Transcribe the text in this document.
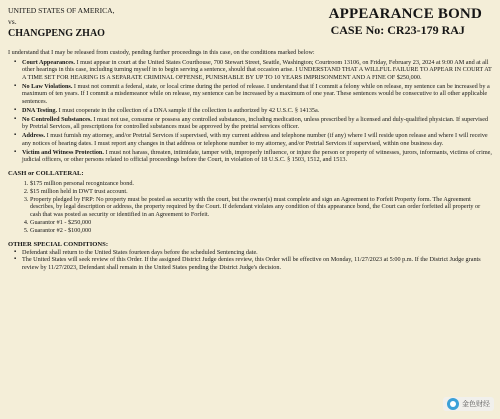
UNITED STATES OF AMERICA,
vs.
CHANGPENG ZHAO
APPEARANCE BOND
CASE No: CR23-179 RAJ
I understand that I may be released from custody, pending further proceedings in this case, on the conditions marked below:
▪ Court Appearances. I must appear in court at the United States Courthouse, 700 Stewart Street, Seattle, Washington; Courtroom 13106, on Friday, February 23, 2024 at 9:00 AM and at all other hearings in this case, including turning myself in to begin serving a sentence, should that occasion arise. I UNDERSTAND THAT A WILLFUL FAILURE TO APPEAR IN COURT AT A TIME SET FOR HEARING IS A SEPARATE CRIMINAL OFFENSE, PUNISHABLE BY UP TO 10 YEARS IMPRISONMENT AND A FINE OF $250,000.
▪ No Law Violations. I must not commit a federal, state, or local crime during the period of release. I understand that if I commit a felony while on release, my sentence can be increased by a maximum of ten years. If I commit a misdemeanor while on release, my sentence can be increased by a maximum of one year. These sentences would be consecutive to all other applicable sentences.
▪ DNA Testing. I must cooperate in the collection of a DNA sample if the collection is authorized by 42 U.S.C. § 14135a.
▪ No Controlled Substances. I must not use, consume or possess any controlled substances, including medication, unless prescribed by a licensed and duly-qualified physician. If supervised by Pretrial Services, all prescriptions for controlled substances must be approved by the pretrial services officer.
▪ Address. I must furnish my attorney, and/or Pretrial Services if supervised, with my current address and telephone number (if any) where I will reside upon release and where I will receive any notices of hearing dates. I must report any changes in that address or telephone number to my attorney, and/or Pretrial Services if supervised, within one business day.
▪ Victim and Witness Protection. I must not harass, threaten, intimidate, tamper with, improperly influence, or injure the person or property of witnesses, jurors, informants, victims of crime, judicial officers, or other persons related to official proceedings before the Court, in violation of 18 U.S.C. § 1503, 1512, and 1513.
CASH or COLLATERAL:
1. $175 million personal recognizance bond.
2. $15 million held in DWT trust account.
3. Property pledged by FRP: No property must be posted as security with the court, but the owner(s) must complete and sign an Agreement to Forfeit Property form. The Agreement describes, by legal description or address, the property required by the Court. If defendant violates any condition of this appearance bond, the Court can order forfeited all property or cash that was posted as security or identified in an Agreement to Forfeit.
4. Guarantor #1 - $250,000
5. Guarantor #2 - $100,000
OTHER SPECIAL CONDITIONS:
▪ Defendant shall return to the United States fourteen days before the scheduled Sentencing date.
▪ The United States will seek review of this Order. If the assigned District Judge denies review, this Order will be effective on Monday, 11/27/2023 at 5:00 p.m. If the District Judge grants review by 11/27/2023, Defendant shall remain in the United States pending the District Judge's decision.
金色财经
